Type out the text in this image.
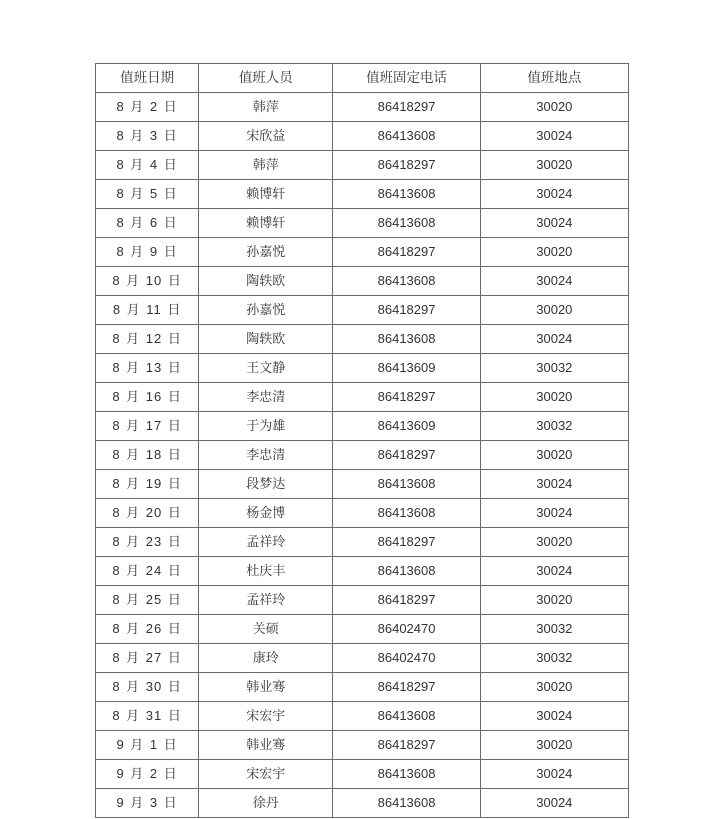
值班日期	值班人员	值班固定电话	值班地点
8 月 2 日	韩萍	86418297	30020
8 月 3 日	宋欣益	86413608	30024
8 月 4 日	韩萍	86418297	30020
8 月 5 日	赖博轩	86413608	30024
8 月 6 日	赖博轩	86413608	30024
8 月 9 日	孙嘉悦	86418297	30020
8 月 10 日	陶轶欧	86413608	30024
8 月 11 日	孙嘉悦	86418297	30020
8 月 12 日	陶轶欧	86413608	30024
8 月 13 日	王文静	86413609	30032
8 月 16 日	李忠清	86418297	30020
8 月 17 日	于为雄	86413609	30032
8 月 18 日	李忠清	86418297	30020
8 月 19 日	段梦达	86413608	30024
8 月 20 日	杨金博	86413608	30024
8 月 23 日	孟祥玲	86418297	30020
8 月 24 日	杜庆丰	86413608	30024
8 月 25 日	孟祥玲	86418297	30020
8 月 26 日	关硕	86402470	30032
8 月 27 日	康玲	86402470	30032
8 月 30 日	韩业骞	86418297	30020
8 月 31 日	宋宏宇	86413608	30024
9 月 1 日	韩业骞	86418297	30020
9 月 2 日	宋宏宇	86413608	30024
9 月 3 日	徐丹	86413608	30024
